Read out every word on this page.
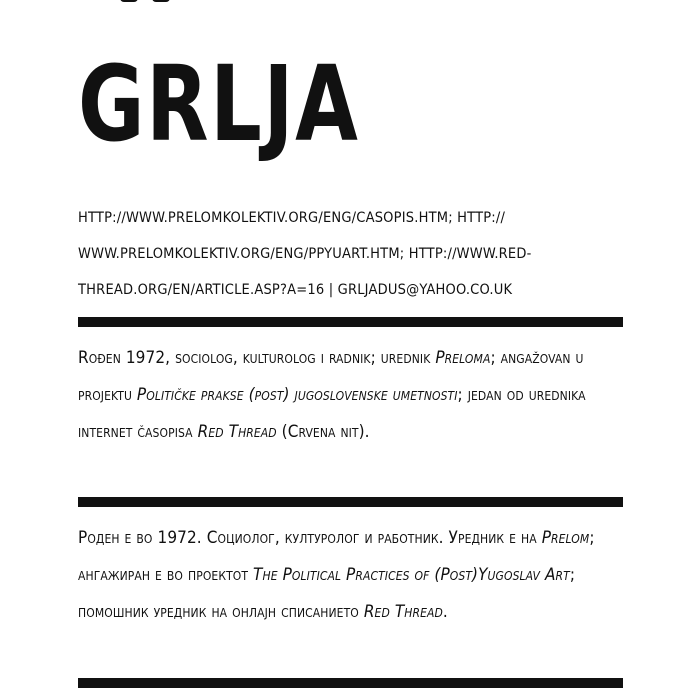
GRLJA
HTTP://WWW.PRELOMKOLEKTIV.ORG/ENG/CASOPIS.HTM; HTTP://
WWW.PRELOMKOLEKTIV.ORG/ENG/PPYUART.HTM; HTTP://WWW.RED-
THREAD.ORG/EN/ARTICLE.ASP?A=16 | GRLJADUS@YAHOO.CO.UK
Rođen 1972, sociolog, kulturolog i radnik; urednik Preloma; angažovan u projektu Političke prakse (post) jugoslovenske umetnosti; jedan od urednika internet časopisa Red Thread (Crvena nit).
Роден е во 1972. Социолог, културолог и работник. Уредник е на Prelom; ангажиран е во проектот The Political Practices of (Post)Yugoslav Art; помошник уредник на онлајн списанието Red Thread.
